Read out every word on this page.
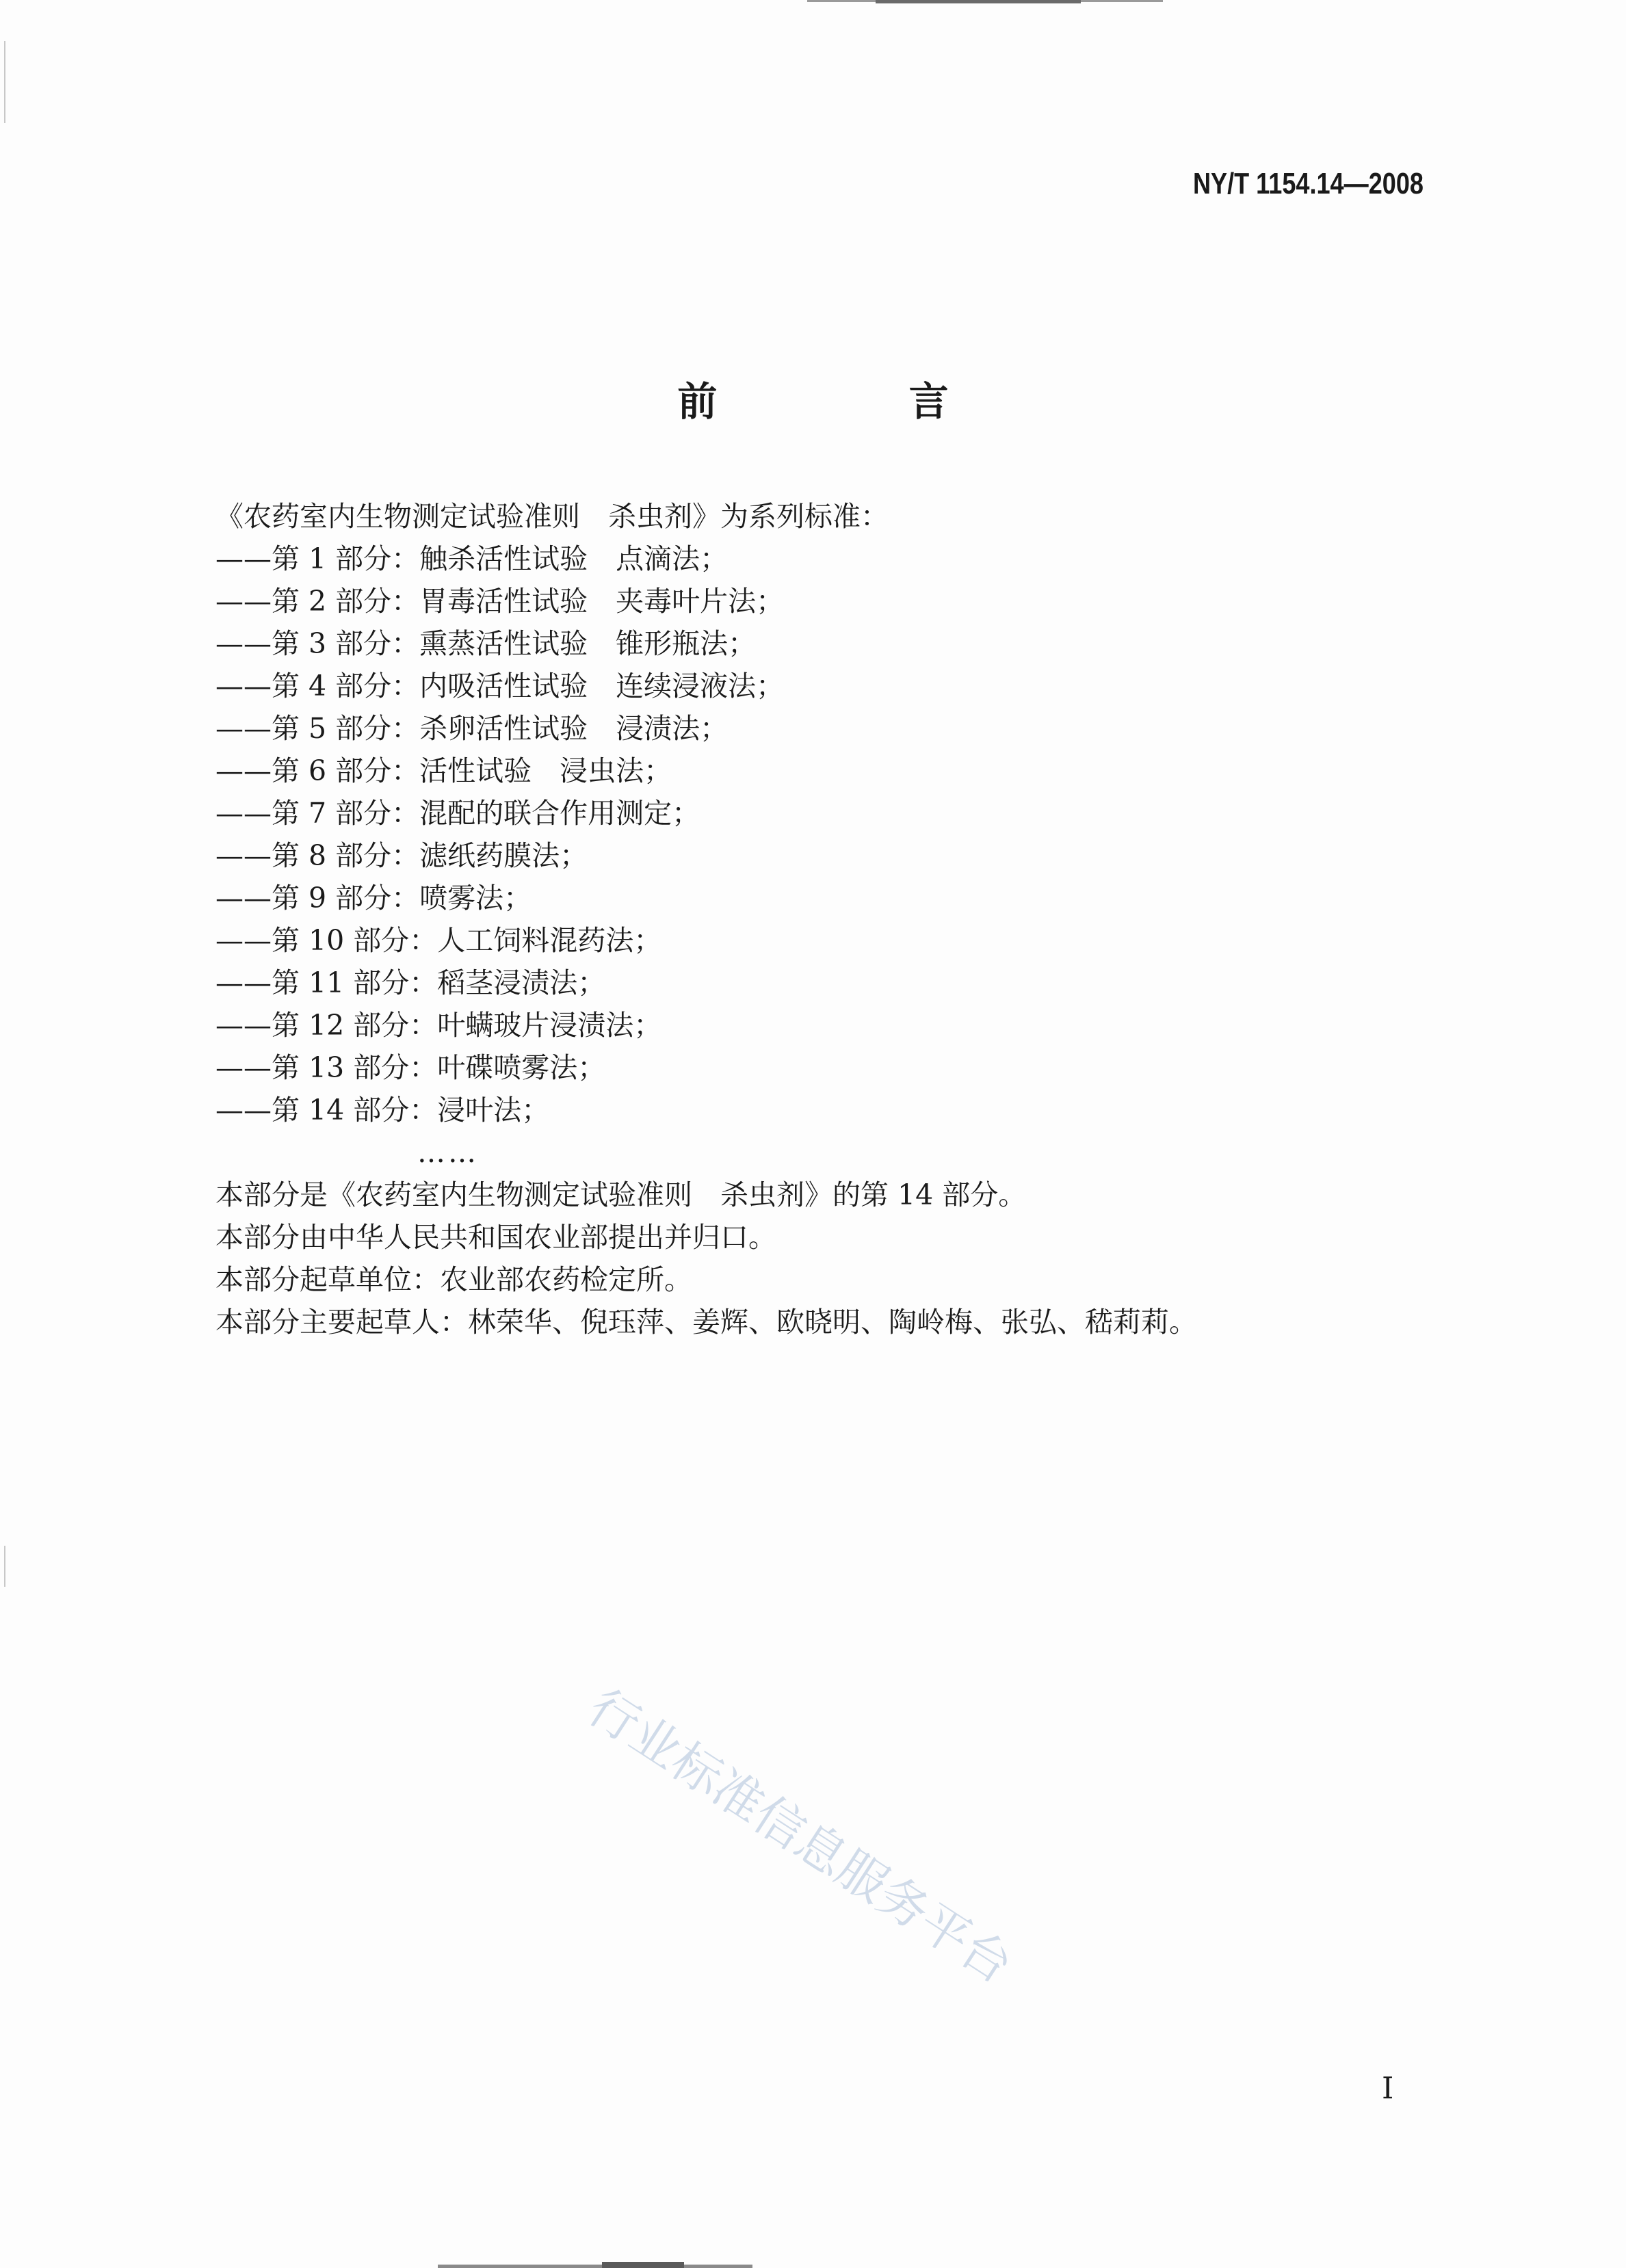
NY/T 1154.14—2008
前 言
《农药室内生物测定试验准则　杀虫剂》为系列标准：
——第 1 部分：触杀活性试验　点滴法；
——第 2 部分：胃毒活性试验　夹毒叶片法；
——第 3 部分：熏蒸活性试验　锥形瓶法；
——第 4 部分：内吸活性试验　连续浸液法；
——第 5 部分：杀卵活性试验　浸渍法；
——第 6 部分：活性试验　浸虫法；
——第 7 部分：混配的联合作用测定；
——第 8 部分：滤纸药膜法；
——第 9 部分：喷雾法；
——第 10 部分：人工饲料混药法；
——第 11 部分：稻茎浸渍法；
——第 12 部分：叶螨玻片浸渍法；
——第 13 部分：叶碟喷雾法；
——第 14 部分：浸叶法；
……
本部分是《农药室内生物测定试验准则　杀虫剂》的第 14 部分。
本部分由中华人民共和国农业部提出并归口。
本部分起草单位：农业部农药检定所。
本部分主要起草人：林荣华、倪珏萍、姜辉、欧晓明、陶岭梅、张弘、嵇莉莉。
行业标准信息服务平台
I
